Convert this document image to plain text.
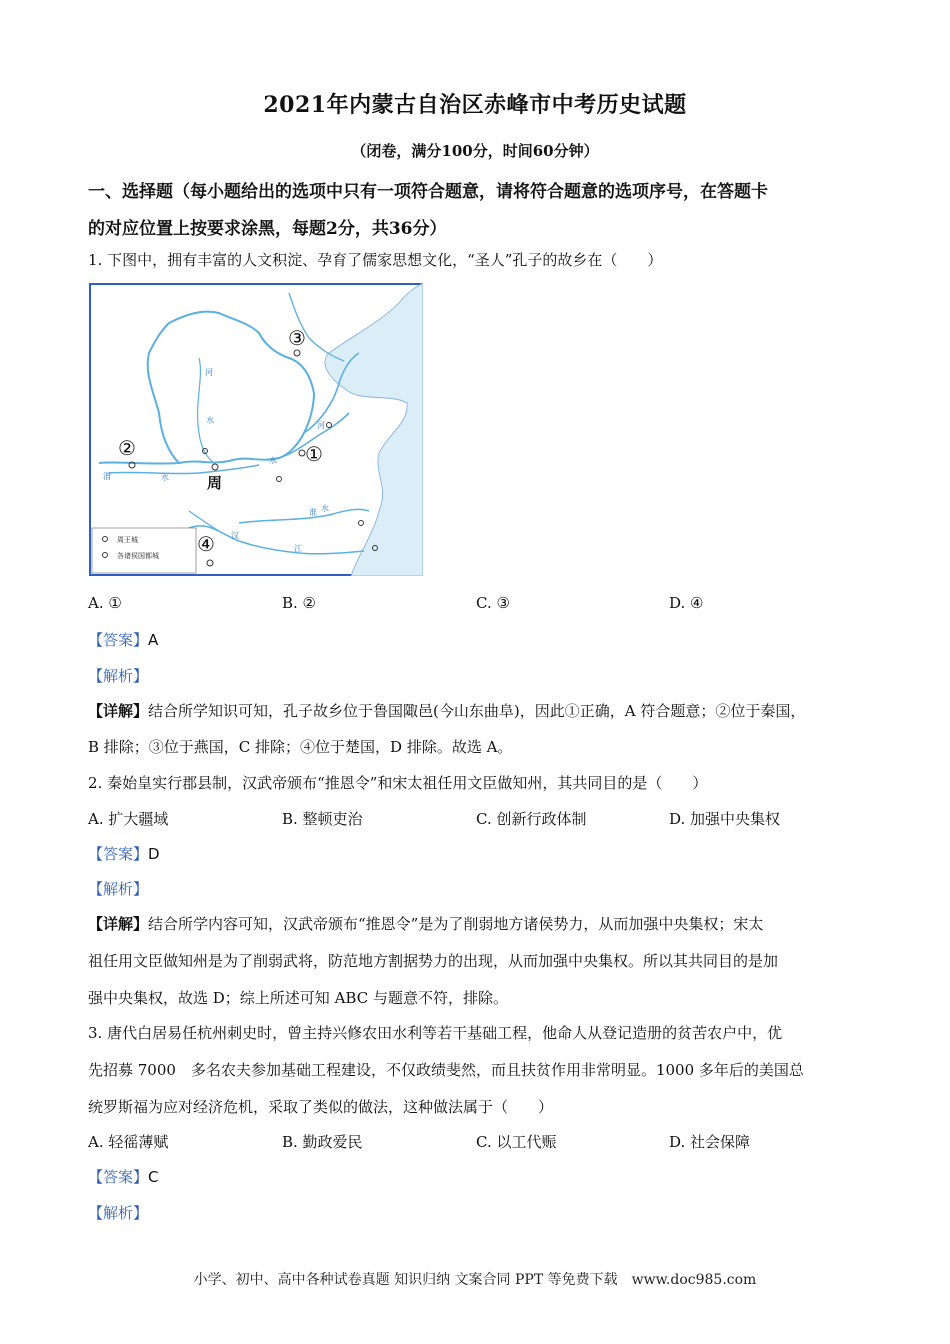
2021年内蒙古自治区赤峰市中考历史试题
（闭卷，满分100分，时间60分钟）
一、选择题（每小题给出的选项中只有一项符合题意，请将符合题意的选项序号，在答题卡
的对应位置上按要求涂黑，每题2分，共36分）
1. 下图中，拥有丰富的人文积淀、孕育了儒家思想文化，“圣人”孔子的故乡在（　　）
③
②	①
④
周
河
水
渭	水
淮 水
江
汉
河
水
周王城
各诸侯国都城
A. ①	B. ②	C. ③	D. ④
【答案】A
【解析】
【详解】结合所学知识可知，孔子故乡位于鲁国陬邑(今山东曲阜)，因此①正确，A 符合题意；②位于秦国，
B 排除；③位于燕国，C 排除；④位于楚国，D 排除。故选 A。
2. 秦始皇实行郡县制，汉武帝颁布“推恩令”和宋太祖任用文臣做知州，其共同目的是（　　）
A. 扩大疆域	B. 整顿吏治	C. 创新行政体制	D. 加强中央集权
【答案】D
【解析】
【详解】结合所学内容可知，汉武帝颁布“推恩令”是为了削弱地方诸侯势力，从而加强中央集权；宋太
祖任用文臣做知州是为了削弱武将，防范地方割据势力的出现，从而加强中央集权。所以其共同目的是加
强中央集权，故选 D；综上所述可知 ABC 与题意不符，排除。
3. 唐代白居易任杭州刺史时，曾主持兴修农田水利等若干基础工程，他命人从登记造册的贫苦农户中，优
先招募 7000　多名农夫参加基础工程建设，不仅政绩斐然，而且扶贫作用非常明显。1000 多年后的美国总
统罗斯福为应对经济危机，采取了类似的做法，这种做法属于（　　）
A. 轻徭薄赋	B. 勤政爱民	C. 以工代赈	D. 社会保障
【答案】C
【解析】
小学、初中、高中各种试卷真题 知识归纳 文案合同 PPT 等免费下载　www.doc985.com
